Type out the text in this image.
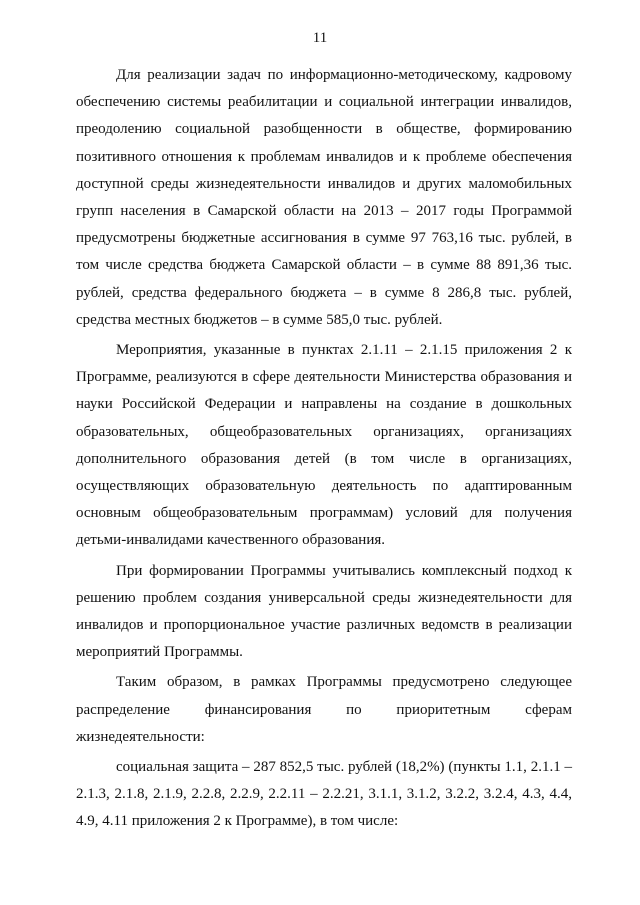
11

Для реализации задач по информационно-методическому, кадровому обеспечению системы реабилитации и социальной интеграции инвалидов, преодолению социальной разобщенности в обществе, формированию позитивного отношения к проблемам инвалидов и к проблеме обеспечения доступной среды жизнедеятельности инвалидов и других маломобильных групп населения в Самарской области на 2013 – 2017 годы Программой предусмотрены бюджетные ассигнования в сумме 97 763,16 тыс. рублей, в том числе средства бюджета Самарской области – в сумме 88 891,36 тыс. рублей, средства федерального бюджета – в сумме 8 286,8 тыс. рублей, средства местных бюджетов – в сумме 585,0 тыс. рублей.

Мероприятия, указанные в пунктах 2.1.11 – 2.1.15 приложения 2 к Программе, реализуются в сфере деятельности Министерства образования и науки Российской Федерации и направлены на создание в дошкольных образовательных, общеобразовательных организациях, организациях дополнительного образования детей (в том числе в организациях, осуществляющих образовательную деятельность по адаптированным основным общеобразовательным программам) условий для получения детьми-инвалидами качественного образования.

При формировании Программы учитывались комплексный подход к решению проблем создания универсальной среды жизнедеятельности для инвалидов и пропорциональное участие различных ведомств в реализации мероприятий Программы.

Таким образом, в рамках Программы предусмотрено следующее распределение финансирования по приоритетным сферам жизнедеятельности:

социальная защита – 287 852,5 тыс. рублей (18,2%) (пункты 1.1, 2.1.1 – 2.1.3, 2.1.8, 2.1.9, 2.2.8, 2.2.9, 2.2.11 – 2.2.21, 3.1.1, 3.1.2, 3.2.2, 3.2.4, 4.3, 4.4, 4.9, 4.11 приложения 2 к Программе), в том числе:
